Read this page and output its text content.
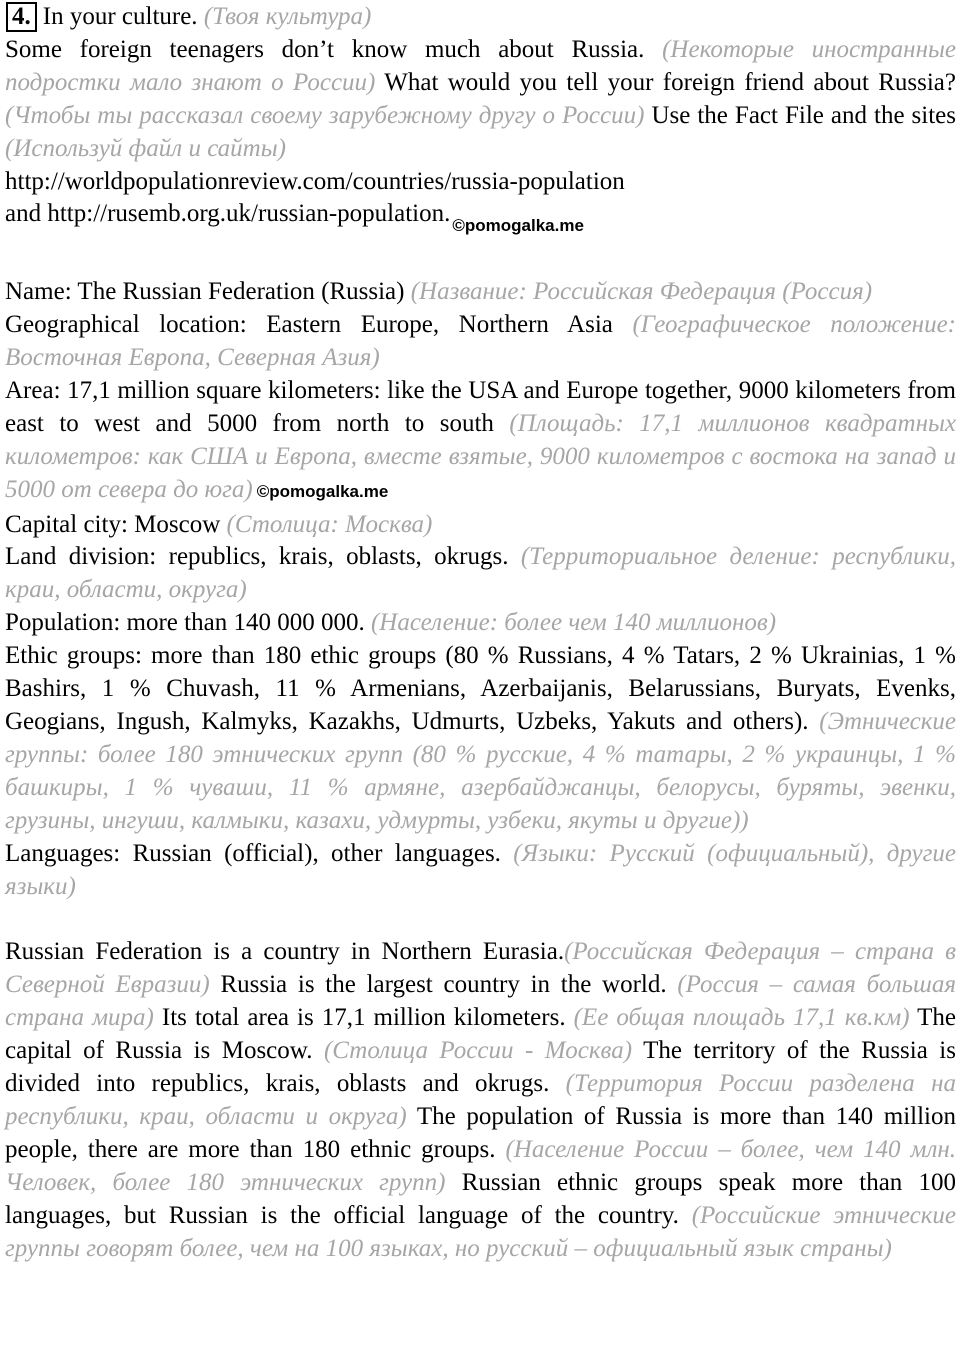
4. In your culture. (Твоя культура)

Some foreign teenagers don’t know much about Russia. (Некоторые иностранные подростки мало знают о России) What would you tell your foreign friend about Russia? (Чтобы ты рассказал своему зарубежному другу о России) Use the Fact File and the sites (Используй файл и сайты)

http://worldpopulationreview.com/countries/russia-population
and http://rusemb.org.uk/russian-population. $_{©pomogalka.me}$

Name: The Russian Federation (Russia) (Название: Российская Федерация (Россия)

Geographical location: Eastern Europe, Northern Asia (Географическое положение: Восточная Европа, Северная Азия)

Area: 17,1 million square kilometers: like the USA and Europe together, 9000 kilometers from east to west and 5000 from north to south (Площадь: 17,1 миллионов квадратных километров: как США и Европа, вместе взятые, 9000 километров с востока на запад и 5000 от севера до юга) ©pomogalka.me

Capital city: Moscow (Столица: Москва)

Land division: republics, krais, oblasts, okrugs. (Территориальное деление: республики, краи, области, округа)

Population: more than 140 000 000. (Население: более чем 140 миллионов)

Ethic groups: more than 180 ethic groups (80 % Russians, 4 % Tatars, 2 % Ukrainias, 1 % Bashirs, 1 % Chuvash, 11 % Armenians, Azerbaijanis, Belarussians, Buryats, Evenks, Geogians, Ingush, Kalmyks, Kazakhs, Udmurts, Uzbeks, Yakuts and others). (Этнические группы: более 180 этнических групп (80 % русские, 4 % татары, 2 % украинцы, 1 % башкиры, 1 % чуваши, 11 % армяне, азербайджанцы, белорусы, буряты, эвенки, грузины, ингуши, калмыки, казахи, удмурты, узбеки, якуты и другие))

Languages: Russian (official), other languages. (Языки: Русский (официальный), другие языки)

Russian Federation is a country in Northern Eurasia.(Российская Федерация – страна в Северной Евразии) Russia is the largest country in the world. (Россия – самая большая страна мира) Its total area is 17,1 million kilometers. (Ее общая площадь 17,1 кв.км) The capital of Russia is Moscow. (Столица России - Москва) The territory of the Russia is divided into republics, krais, oblasts and okrugs. (Территория России разделена на республики, краи, области и округа) The population of Russia is more than 140 million people, there are more than 180 ethnic groups. (Население России – более, чем 140 млн. Человек, более 180 этнических групп) Russian ethnic groups speak more than 100 languages, but Russian is the official language of the country. (Российские этнические группы говорят более, чем на 100 языках, но русский – официальный язык страны)
